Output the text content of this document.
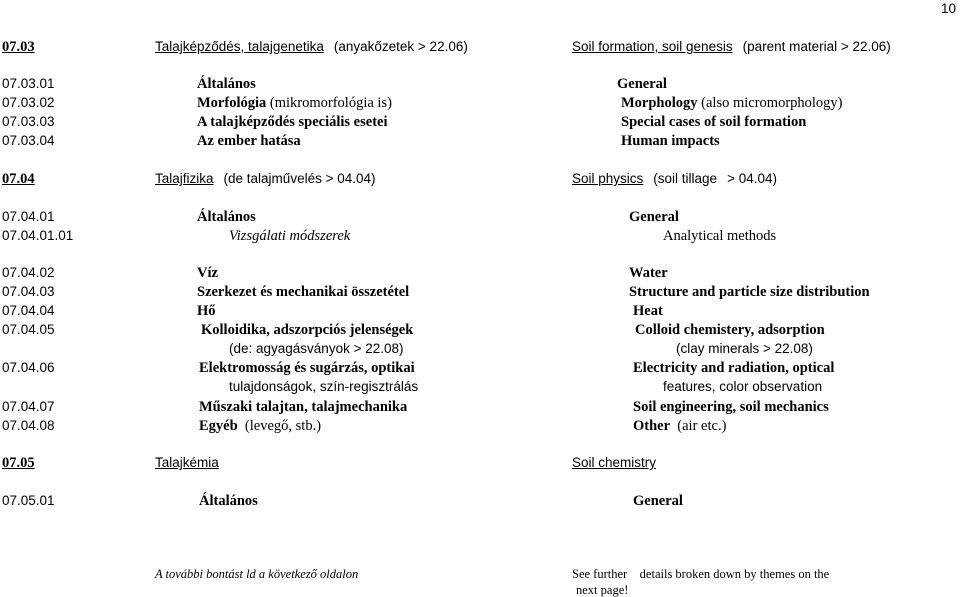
10
07.03	Talajképződés, talajgenetika (anyakőzetek > 22.06)	Soil formation, soil genesis (parent material > 22.06)
07.03.01	Általános	General
07.03.02	Morfológia (mikromorfológia is)	Morphology (also micromorphology)
07.03.03	A talajképződés speciális esetei	Special cases of soil formation
07.03.04	Az ember hatása	Human impacts
07.04	Talajfizika (de talajművelés > 04.04)	Soil physics (soil tillage > 04.04)
07.04.01	Általános	General
07.04.01.01	Vizsgálati módszerek	Analytical methods
07.04.02	Víz	Water
07.04.03	Szerkezet és mechanikai összetétel	Structure and particle size distribution
07.04.04	Hő	Heat
07.04.05	Kolloidika, adszorpciós jelenségek	Colloid chemistery, adsorption
(de: agyagásványok > 22.08)	(clay minerals > 22.08)
07.04.06	Elektromosság és sugárzás, optikai	Electricity and radiation, optical
tulajdonságok, szín-regisztrálás	features, color observation
07.04.07	Műszaki talajtan, talajmechanika	Soil engineering, soil mechanics
07.04.08	Egyéb (levegő, stb.)	Other (air etc.)
07.05	Talajkémia	Soil chemistry
07.05.01	Általános	General
A további bontást ld a következő oldalon	See further    details broken down by themes on the
next page!
